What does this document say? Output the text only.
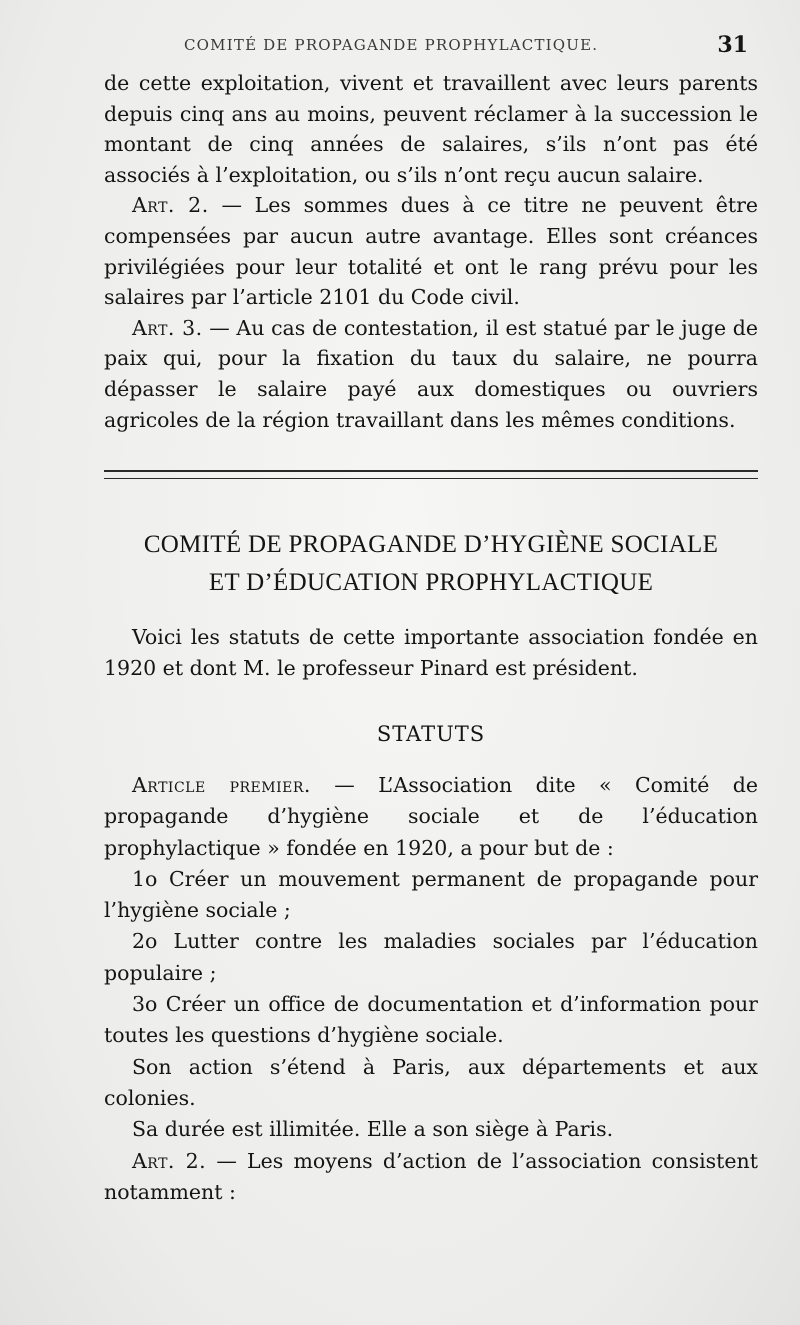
COMITÉ DE PROPAGANDE PROPHYLACTIQUE.	31

de cette exploitation, vivent et travaillent avec leurs parents depuis cinq ans au moins, peuvent réclamer à la succession le montant de cinq années de salaires, s’ils n’ont pas été associés à l’exploitation, ou s’ils n’ont reçu aucun salaire.

Art. 2. — Les sommes dues à ce titre ne peuvent être compensées par aucun autre avantage. Elles sont créances privilégiées pour leur totalité et ont le rang prévu pour les salaires par l’article 2101 du Code civil.

Art. 3. — Au cas de contestation, il est statué par le juge de paix qui, pour la fixation du taux du salaire, ne pourra dépasser le salaire payé aux domestiques ou ouvriers agricoles de la région travaillant dans les mêmes conditions.

COMITÉ DE PROPAGANDE D’HYGIÈNE SOCIALE
ET D’ÉDUCATION PROPHYLACTIQUE

Voici les statuts de cette importante association fondée en 1920 et dont M. le professeur Pinard est président.

STATUTS

Article premier. — L’Association dite « Comité de propagande d’hygiène sociale et de l’éducation prophylactique » fondée en 1920, a pour but de :

1o Créer un mouvement permanent de propagande pour l’hygiène sociale ;

2o Lutter contre les maladies sociales par l’éducation populaire ;

3o Créer un office de documentation et d’information pour toutes les questions d’hygiène sociale.

Son action s’étend à Paris, aux départements et aux colonies.

Sa durée est illimitée. Elle a son siège à Paris.

Art. 2. — Les moyens d’action de l’association consistent notamment :
